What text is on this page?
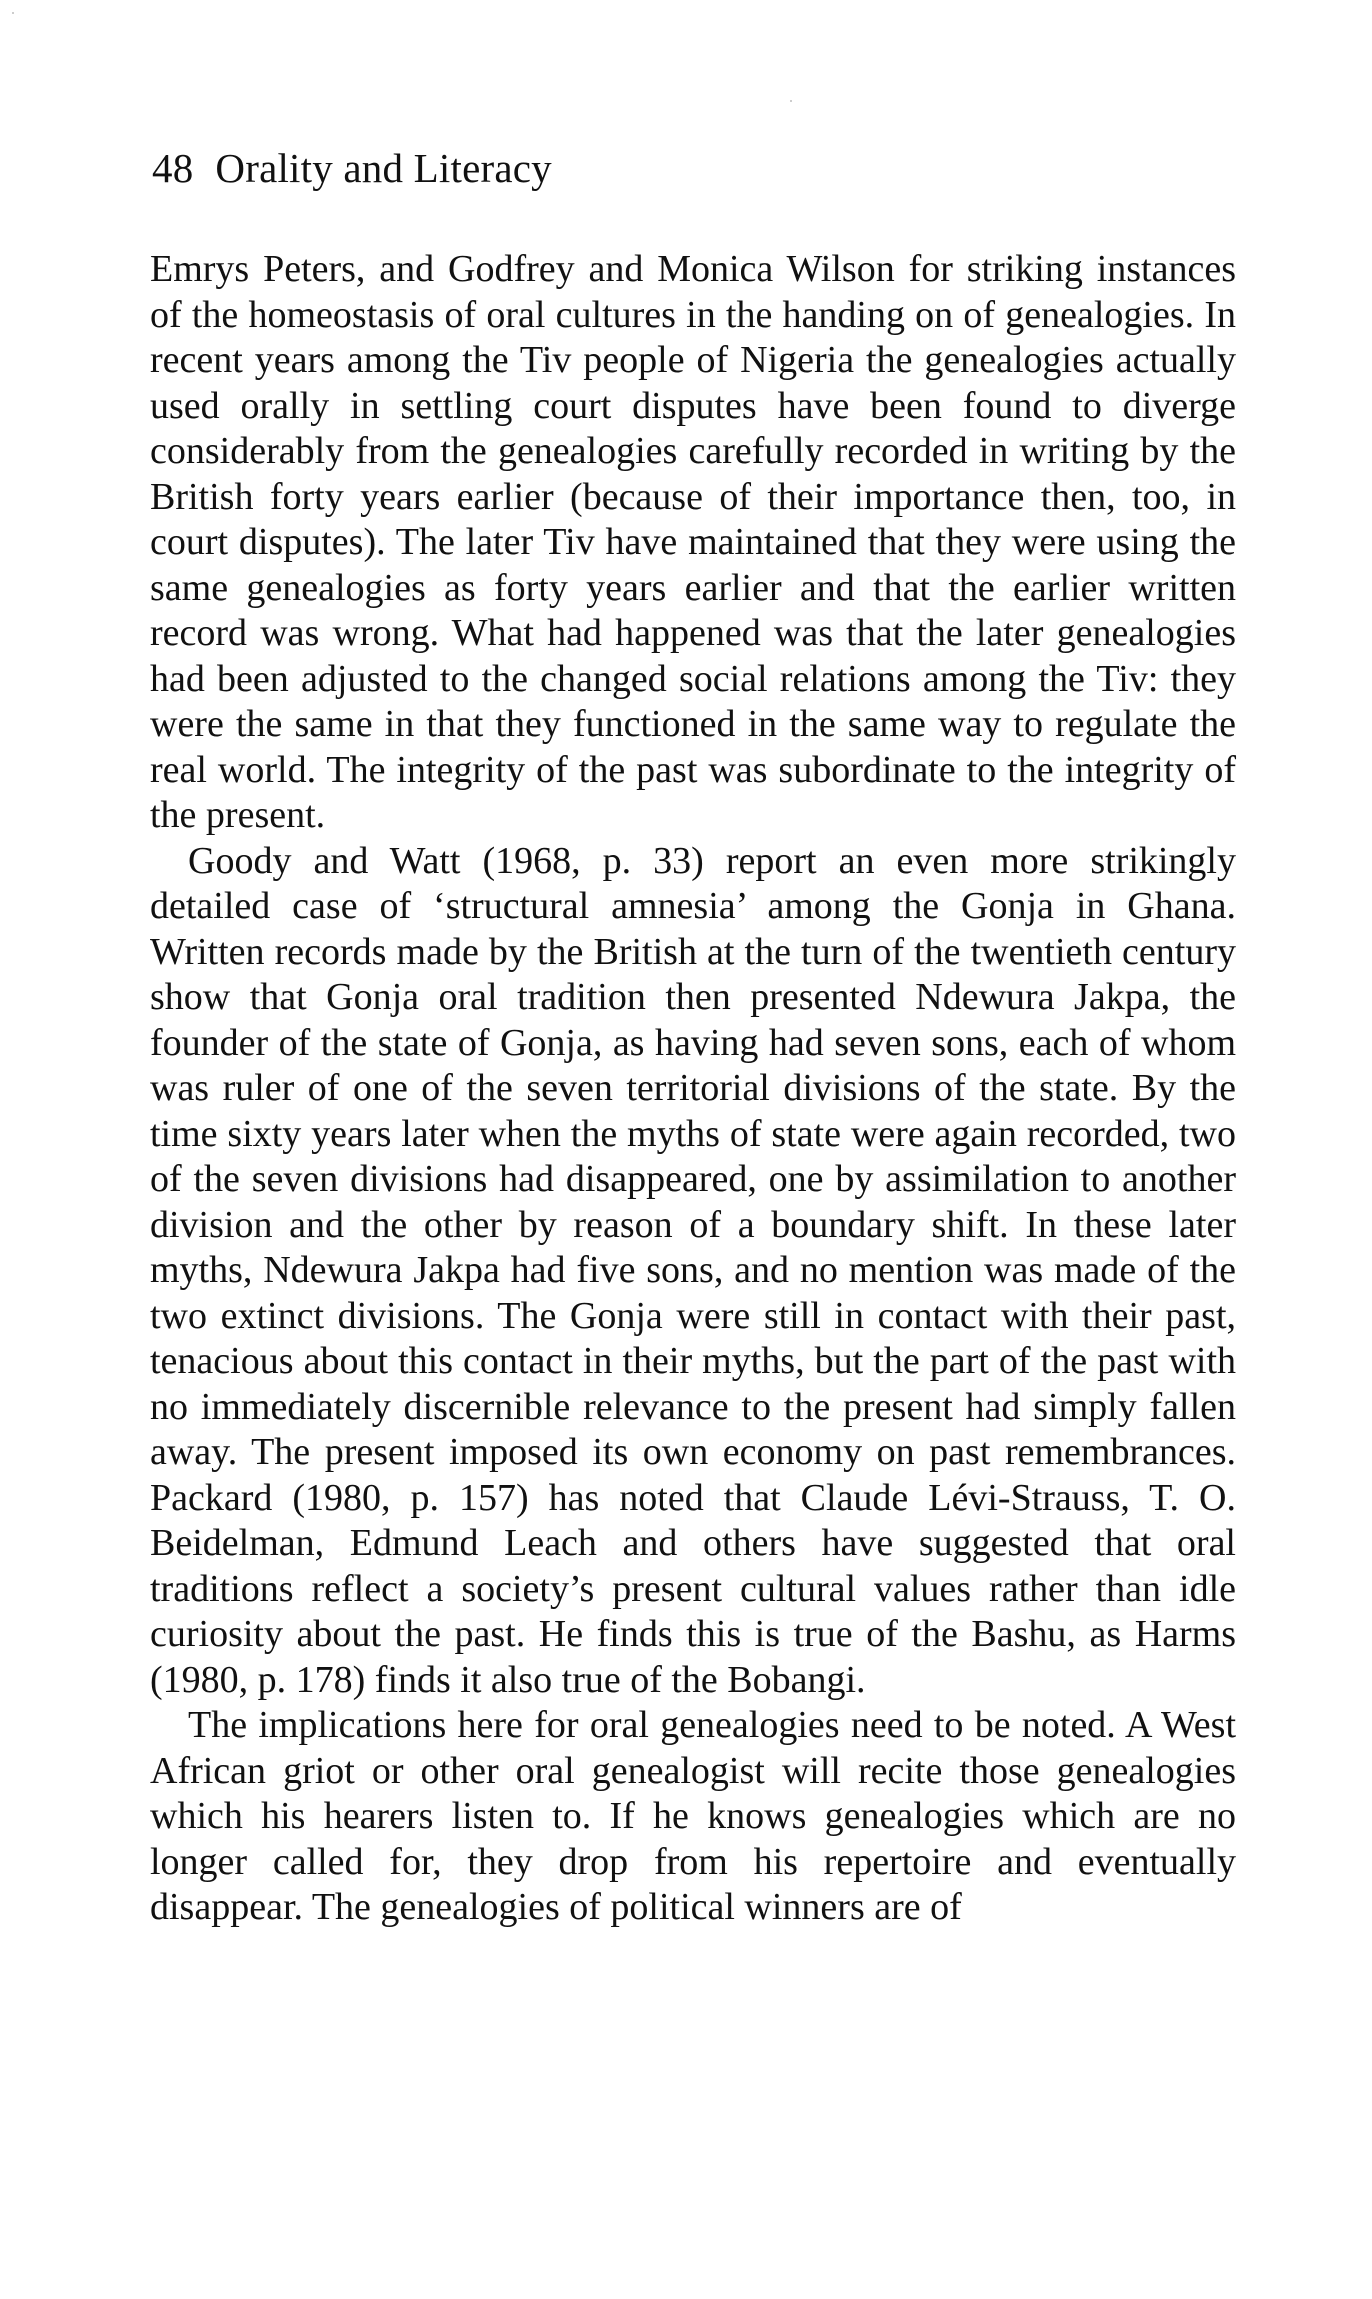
48 Orality and Literacy

Emrys Peters, and Godfrey and Monica Wilson for striking instances of the homeostasis of oral cultures in the handing on of genealogies. In recent years among the Tiv people of Nigeria the genealogies actually used orally in settling court disputes have been found to diverge considerably from the genealogies carefully recorded in writing by the British forty years earlier (because of their importance then, too, in court disputes). The later Tiv have maintained that they were using the same genealogies as forty years earlier and that the earlier written record was wrong. What had happened was that the later genealogies had been adjusted to the changed social relations among the Tiv: they were the same in that they functioned in the same way to regulate the real world. The integrity of the past was subordinate to the integrity of the present.

Goody and Watt (1968, p. 33) report an even more strikingly detailed case of ‘structural amnesia’ among the Gonja in Ghana. Written records made by the British at the turn of the twentieth century show that Gonja oral tradition then presented Ndewura Jakpa, the founder of the state of Gonja, as having had seven sons, each of whom was ruler of one of the seven territorial divisions of the state. By the time sixty years later when the myths of state were again recorded, two of the seven divisions had disappeared, one by assimilation to another division and the other by reason of a boundary shift. In these later myths, Ndewura Jakpa had five sons, and no mention was made of the two extinct divisions. The Gonja were still in contact with their past, tenacious about this contact in their myths, but the part of the past with no immediately discernible relevance to the present had simply fallen away. The present imposed its own economy on past remembrances. Packard (1980, p. 157) has noted that Claude Lévi-Strauss, T. O. Beidelman, Edmund Leach and others have suggested that oral traditions reflect a society’s present cultural values rather than idle curiosity about the past. He finds this is true of the Bashu, as Harms (1980, p. 178) finds it also true of the Bobangi.

The implications here for oral genealogies need to be noted. A West African griot or other oral genealogist will recite those genealogies which his hearers listen to. If he knows genealogies which are no longer called for, they drop from his repertoire and eventually disappear. The genealogies of political winners are of
